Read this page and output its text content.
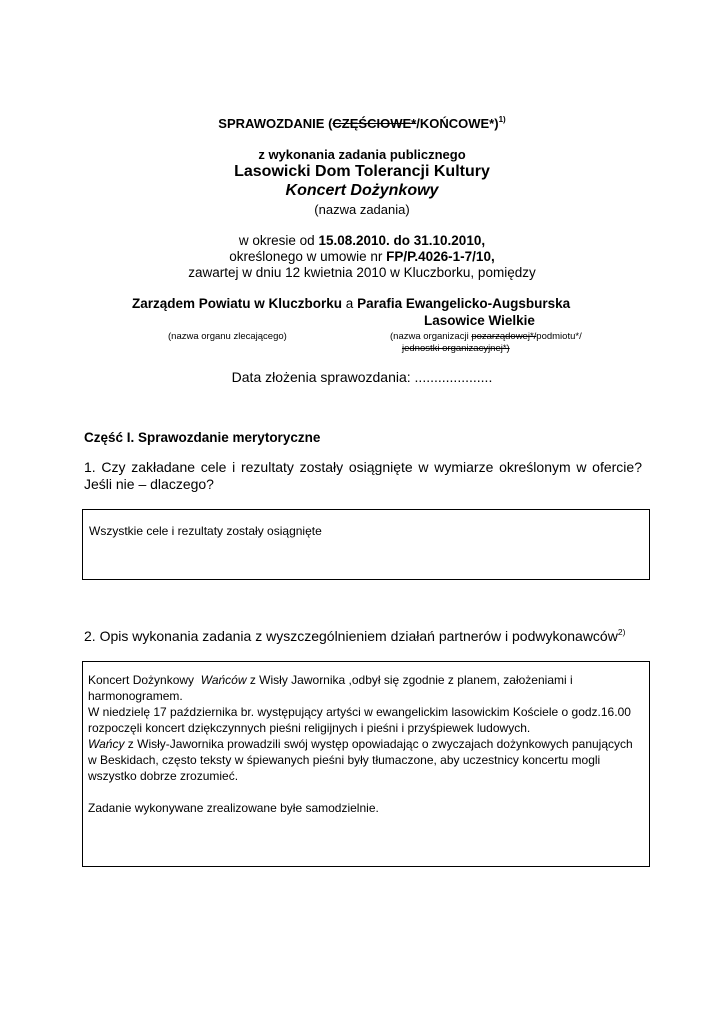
SPRAWOZDANIE (CZĘŚCIOWE*/KOŃCOWE*)$^{1)}$
z wykonania zadania publicznego
Lasowicki Dom Tolerancji Kultury
Koncert Dożynkowy
(nazwa zadania)
w okresie od 15.08.2010. do 31.10.2010,
określonego w umowie nr FP/P.4026-1-7/10,
zawartej w dniu 12 kwietnia 2010 w Kluczborku, pomiędzy
Zarządem Powiatu w Kluczborku a Parafia Ewangelicko-Augsburska
Lasowice Wielkie
(nazwa organu zlecającego)	(nazwa organizacji pozarządowej*/podmiotu*/
jednostki organizacyjnej*)
Data złożenia sprawozdania: ....................
Część I. Sprawozdanie merytoryczne
1. Czy zakładane cele i rezultaty zostały osiągnięte w wymiarze określonym w ofercie? Jeśli nie – dlaczego?
Wszystkie cele i rezultaty zostały osiągnięte
2. Opis wykonania zadania z wyszczególnieniem działań partnerów i podwykonawców$^{2)}$

Koncert Dożynkowy  Wańców z Wisły Jawornika ,odbył się zgodnie z planem, założeniami i harmonogramem.

W niedzielę 17 października br. występujący artyści w ewangelickim lasowickim Kościele o godz.16.00 rozpoczęli koncert dziękczynnych pieśni religijnych i pieśni i przyśpiewek ludowych.

Wańcy z Wisły-Jawornika prowadzili swój występ opowiadając o zwyczajach dożynkowych panujących w Beskidach, często teksty w śpiewanych pieśni były tłumaczone, aby uczestnicy koncertu mogli wszystko dobrze zrozumieć.

Zadanie wykonywane zrealizowane byłe samodzielnie.
